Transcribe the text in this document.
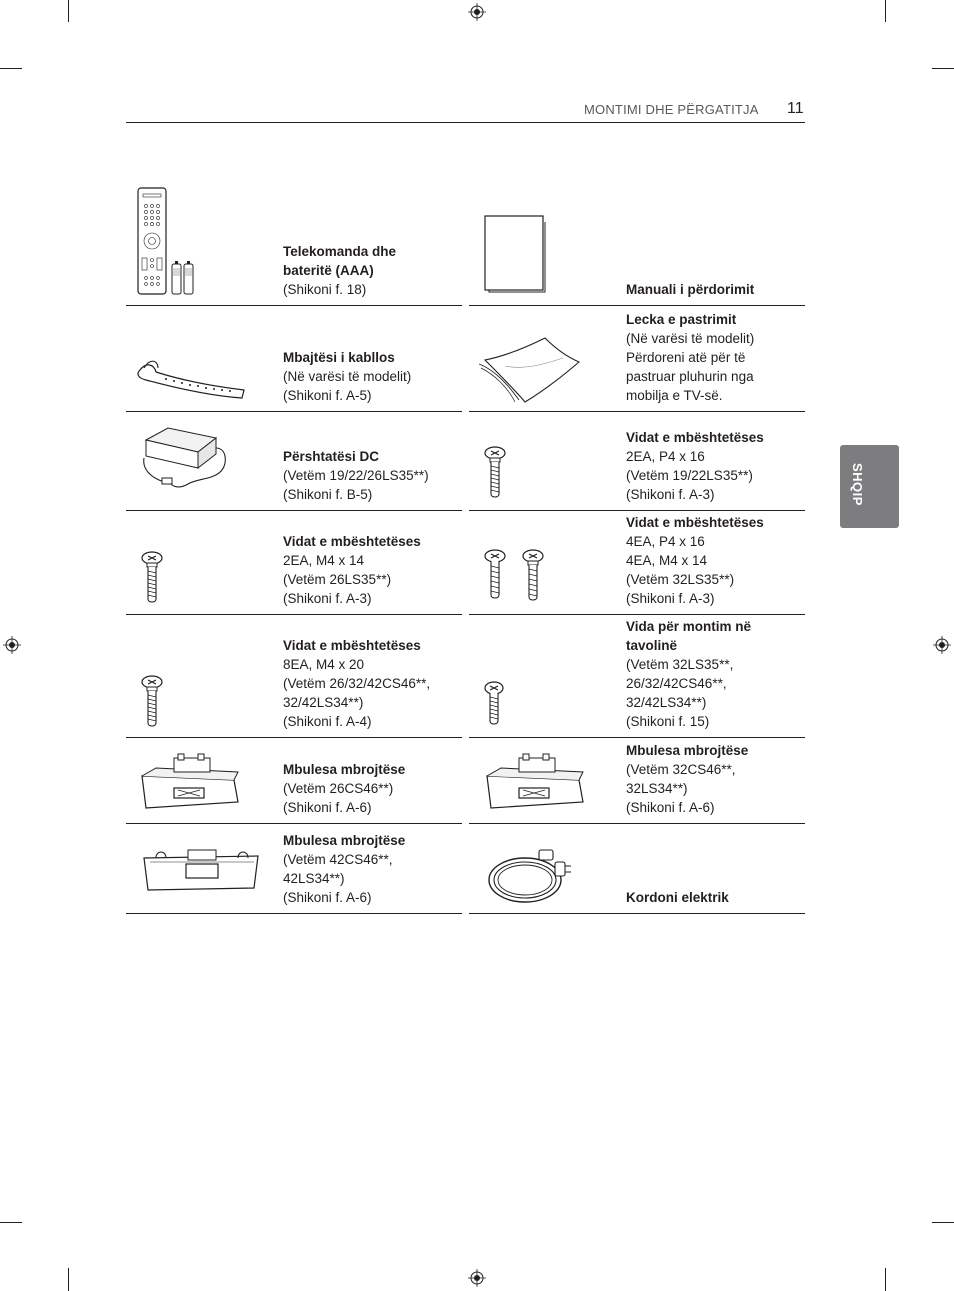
MONTIMI DHE PËRGATITJA 11
SHQIP
Telekomanda dhe
bateritë (AAA)
(Shikoni f. 18)	Manuali i përdorimit
Mbajtësi i kabllos
(Në varësi të modelit)
(Shikoni f. A-5)
Lecka e pastrimit
(Në varësi të modelit)
Përdoreni atë për të
pastruar pluhurin nga
mobilja e TV-së.
Përshtatësi DC
(Vetëm 19/22/26LS35**)
(Shikoni f. B-5)
Vidat e mbështetëses
2EA, P4 x 16
(Vetëm 19/22LS35**)
(Shikoni f. A-3)
Vidat e mbështetëses
2EA, M4 x 14
(Vetëm 26LS35**)
(Shikoni f. A-3)
Vidat e mbështetëses
4EA, P4 x 16
4EA, M4 x 14
(Vetëm 32LS35**)
(Shikoni f. A-3)
Vidat e mbështetëses
8EA, M4 x 20
(Vetëm 26/32/42CS46**,
32/42LS34**)
(Shikoni f. A-4)
Vida për montim në
tavolinë
(Vetëm 32LS35**,
26/32/42CS46**,
32/42LS34**)
(Shikoni f. 15)
Mbulesa mbrojtëse
(Vetëm 26CS46**)
(Shikoni f. A-6)
Mbulesa mbrojtëse
(Vetëm 32CS46**,
32LS34**)
(Shikoni f. A-6)
Mbulesa mbrojtëse
(Vetëm 42CS46**,
42LS34**)
(Shikoni f. A-6)	Kordoni elektrik
